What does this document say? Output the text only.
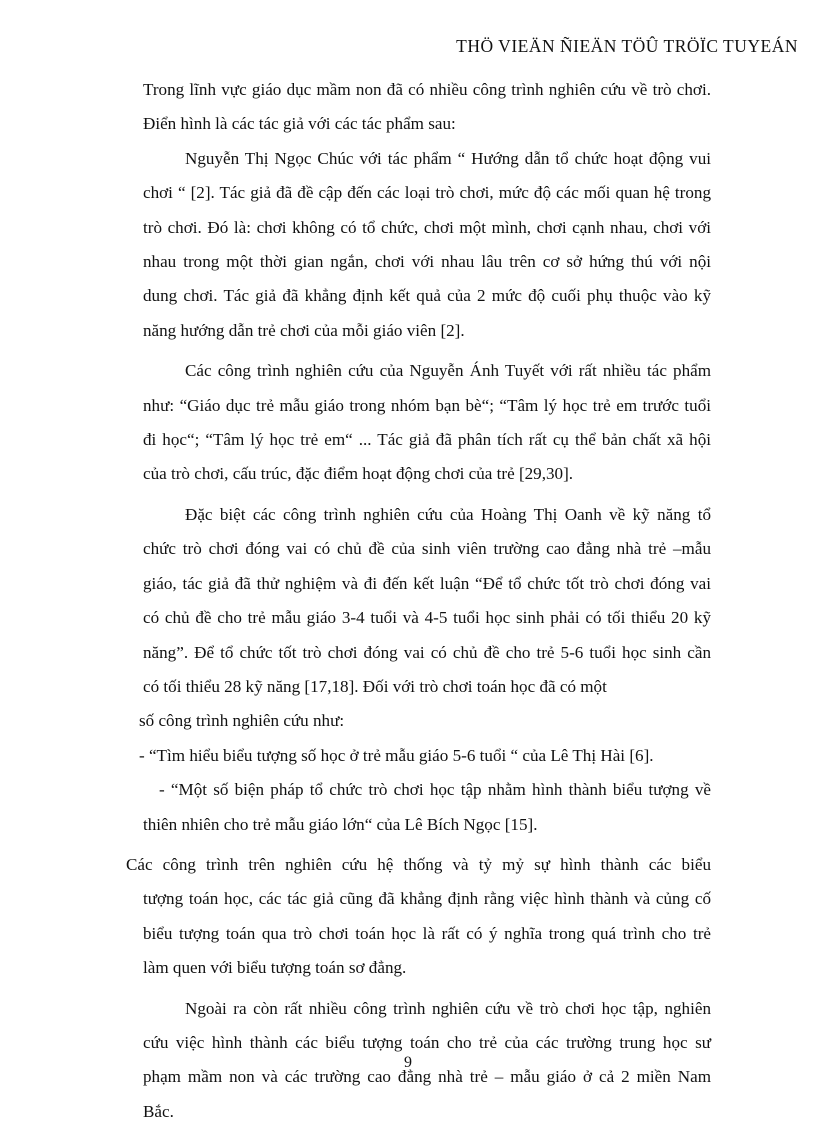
THÖ VIEÄN ÑIEÄN TÖÛ TRÖÏC TUYEÁN
Trong lĩnh vực giáo dục mầm non đã có nhiều công trình nghiên cứu về trò chơi.
Điển hình là các tác giả với các tác phẩm sau:
Nguyễn Thị Ngọc Chúc với tác phẩm “ Hướng dẫn tổ chức hoạt động vui
chơi “ [2]. Tác giả đã đề cập đến các loại trò chơi, mức độ các mối quan hệ trong
trò chơi. Đó là: chơi không có tổ chức, chơi một mình, chơi cạnh nhau, chơi với
nhau trong một thời gian ngắn, chơi với nhau lâu trên cơ sở hứng thú với nội
dung chơi. Tác giả đã khẳng định kết quả của 2 mức độ cuối phụ thuộc vào kỹ
năng hướng dẫn trẻ chơi của mỗi giáo viên [2].
Các công trình nghiên cứu của Nguyễn Ánh Tuyết với rất nhiều tác phẩm
như: “Giáo dục trẻ mẫu giáo trong nhóm bạn bè“; “Tâm lý học trẻ em trước tuổi
đi học“; “Tâm lý học trẻ em“ ... Tác giả đã phân tích rất cụ thể bản chất xã hội
của trò chơi, cấu trúc, đặc điểm hoạt động chơi của trẻ [29,30].
Đặc biệt các công trình nghiên cứu của Hoàng Thị Oanh về kỹ năng tổ
chức trò chơi đóng vai có chủ đề của sinh viên trường cao đẳng nhà trẻ –mẫu
giáo, tác giả đã thử nghiệm và đi đến kết luận “Để tổ chức tốt trò chơi đóng vai
có chủ đề cho trẻ mẫu giáo 3-4 tuổi và 4-5 tuổi học sinh phải có tối thiểu 20 kỹ
năng”. Để tổ chức tốt trò chơi đóng vai có chủ đề cho trẻ 5-6 tuổi học sinh cần
có tối thiểu 28 kỹ năng [17,18]. Đối với trò chơi toán học đã có một
số công trình nghiên cứu như:
- “Tìm hiểu biểu tượng số học ở trẻ mẫu giáo 5-6 tuổi “ của Lê Thị Hài [6].
- “Một số biện pháp tổ chức trò chơi học tập nhằm hình thành biểu tượng về
thiên nhiên cho trẻ mẫu giáo lớn“ của Lê Bích Ngọc [15].
Các công trình trên nghiên cứu hệ thống và tỷ mỷ sự hình thành các biểu
tượng toán học, các tác giả cũng đã khẳng định rằng việc hình thành và củng cố
biểu tượng toán qua trò chơi toán học là rất có ý nghĩa trong quá trình cho trẻ
làm quen với biểu tượng toán sơ đẳng.
Ngoài ra còn rất nhiều công trình nghiên cứu về trò chơi học tập, nghiên
cứu việc hình thành các biểu tượng toán cho trẻ của các trường trung học sư
phạm mầm non và các trường cao đẳng nhà trẻ – mẫu giáo ở cả 2 miền Nam
Bắc.
9
